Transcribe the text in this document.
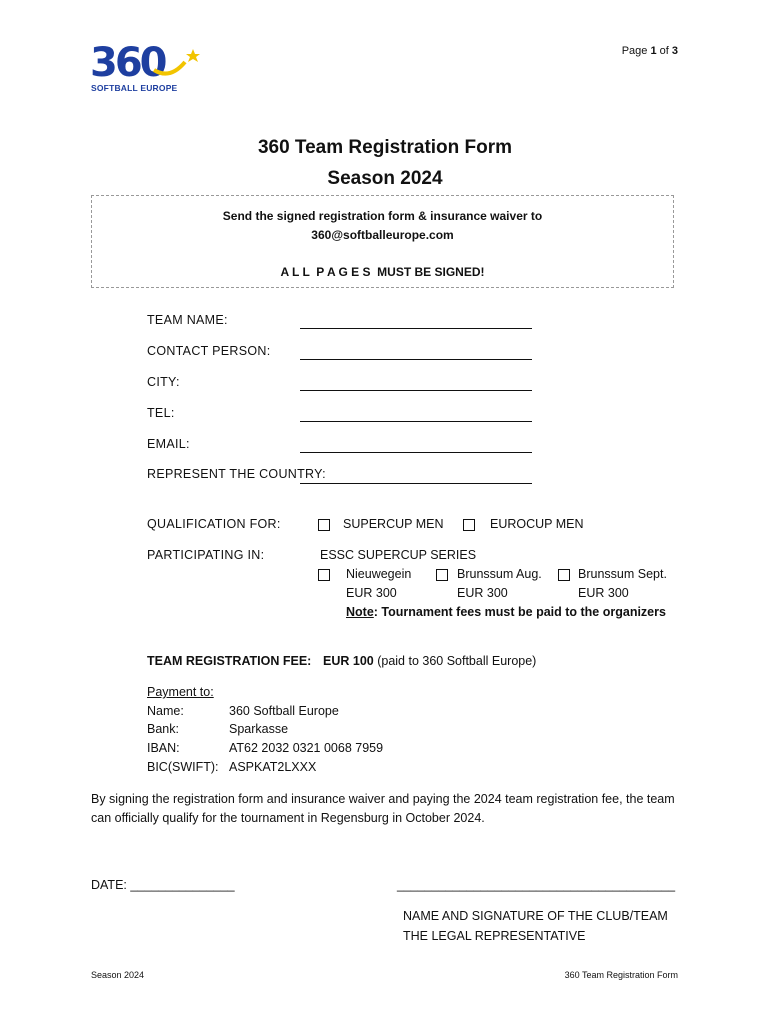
360
SOFTBALL EUROPE
Page 1 of 3
360 Team Registration Form
Season 2024
Send the signed registration form & insurance waiver to
360@softballeurope.com
A L L  P A G E S  MUST BE SIGNED!
TEAM NAME:
CONTACT PERSON:
CITY:
TEL:
EMAIL:
REPRESENT THE COUNTRY:
QUALIFICATION FOR:	SUPERCUP MEN	EUROCUP MEN
PARTICIPATING IN:	ESSC SUPERCUP SERIES
Nieuwegein
EUR 300
Brunssum Aug.
EUR 300
Brunssum Sept.
EUR 300
Note: Tournament fees must be paid to the organizers
TEAM REGISTRATION FEE: EUR 100 (paid to 360 Softball Europe)
Payment to:
Name:	360 Softball Europe
Bank:	Sparkasse
IBAN:	AT62 2032 0321 0068 7959
BIC(SWIFT): ASPKAT2LXXX
By signing the registration form and insurance waiver and paying the 2024 team registration fee, the team can officially qualify for the tournament in Regensburg in October 2024.
DATE: _______________	________________________________________
NAME AND SIGNATURE OF THE CLUB/TEAM
THE LEGAL REPRESENTATIVE
Season 2024	360 Team Registration Form
